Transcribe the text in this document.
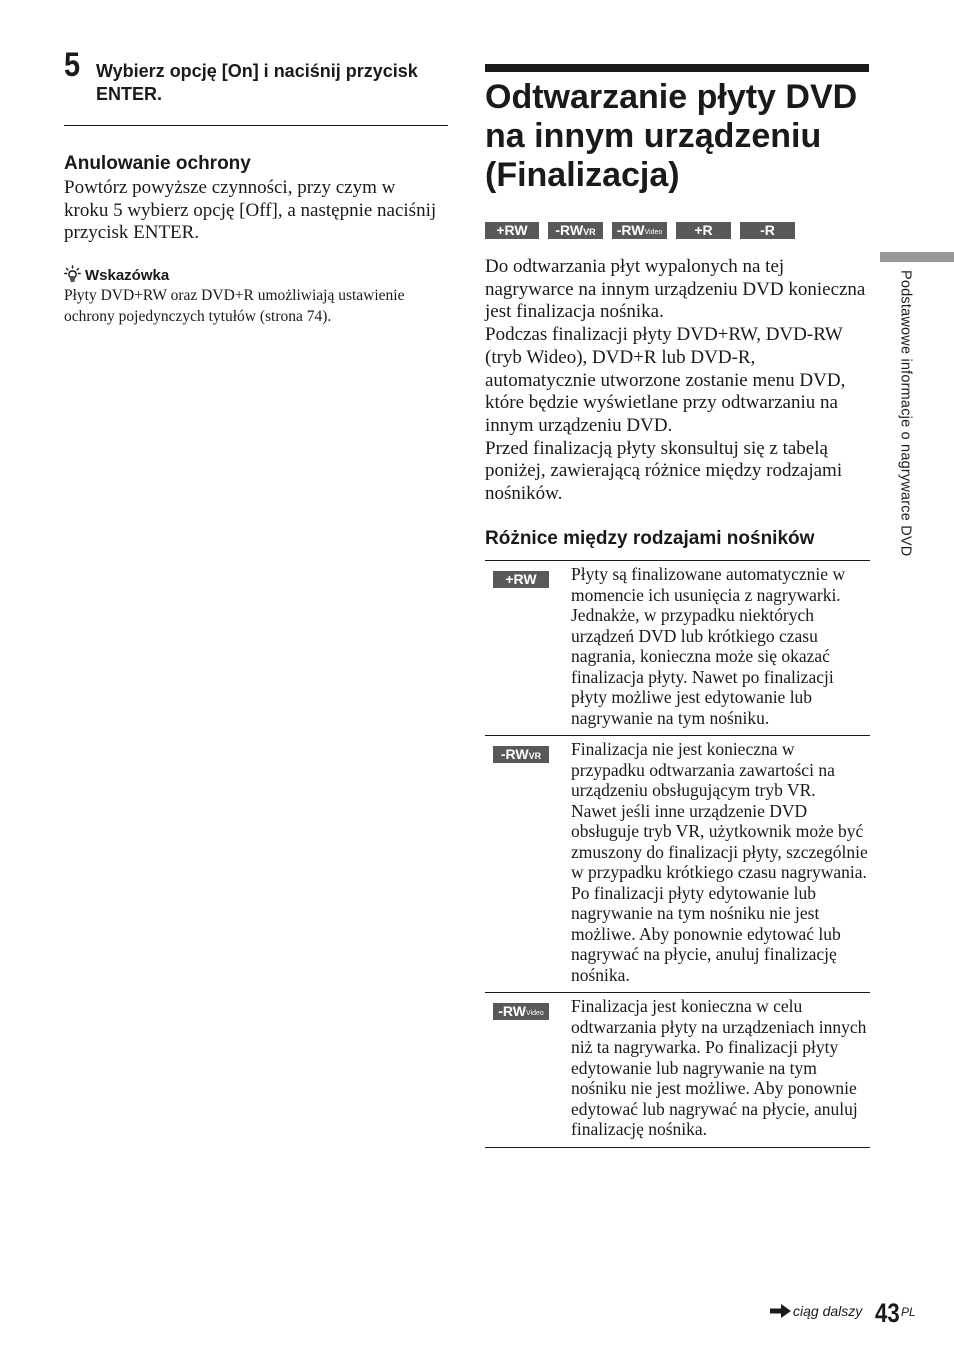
5 Wybierz opcję [On] i naciśnij przycisk ENTER.
Anulowanie ochrony
Powtórz powyższe czynności, przy czym w kroku 5 wybierz opcję [Off], a następnie naciśnij przycisk ENTER.
Wskazówka
Płyty DVD+RW oraz DVD+R umożliwiają ustawienie ochrony pojedynczych tytułów (strona 74).
Odtwarzanie płyty DVD na innym urządzeniu (Finalizacja)
+RW -RW VR -RW Video +R	-R
Do odtwarzania płyt wypalonych na tej nagrywarce na innym urządzeniu DVD konieczna jest finalizacja nośnika.
Podczas finalizacji płyty DVD+RW, DVD-RW (tryb Wideo), DVD+R lub DVD-R, automatycznie utworzone zostanie menu DVD, które będzie wyświetlane przy odtwarzaniu na innym urządzeniu DVD.
Przed finalizacją płyty skonsultuj się z tabelą poniżej, zawierającą różnice między rodzajami nośników.
Różnice między rodzajami nośników
+RW Płyty są finalizowane automatycznie w momencie ich usunięcia z nagrywarki. Jednakże, w przypadku niektórych urządzeń DVD lub krótkiego czasu nagrania, konieczna może się okazać finalizacja płyty. Nawet po finalizacji płyty możliwe jest edytowanie lub nagrywanie na tym nośniku.

-RW VR Finalizacja nie jest konieczna w przypadku odtwarzania zawartości na urządzeniu obsługującym tryb VR.

Nawet jeśli inne urządzenie DVD obsługuje tryb VR, użytkownik może być zmuszony do finalizacji płyty, szczególnie w przypadku krótkiego czasu nagrywania. Po finalizacji płyty edytowanie lub nagrywanie na tym nośniku nie jest możliwe. Aby ponownie edytować lub nagrywać na płycie, anuluj finalizację nośnika.

-RW Video Finalizacja jest konieczna w celu odtwarzania płyty na urządzeniach innych niż ta nagrywarka. Po finalizacji płyty edytowanie lub nagrywanie na tym nośniku nie jest możliwe. Aby ponownie edytować lub nagrywać na płycie, anuluj finalizację nośnika.

Podstawowe informacje o nagrywarce DVD
ciąg dalszy 43 PL
